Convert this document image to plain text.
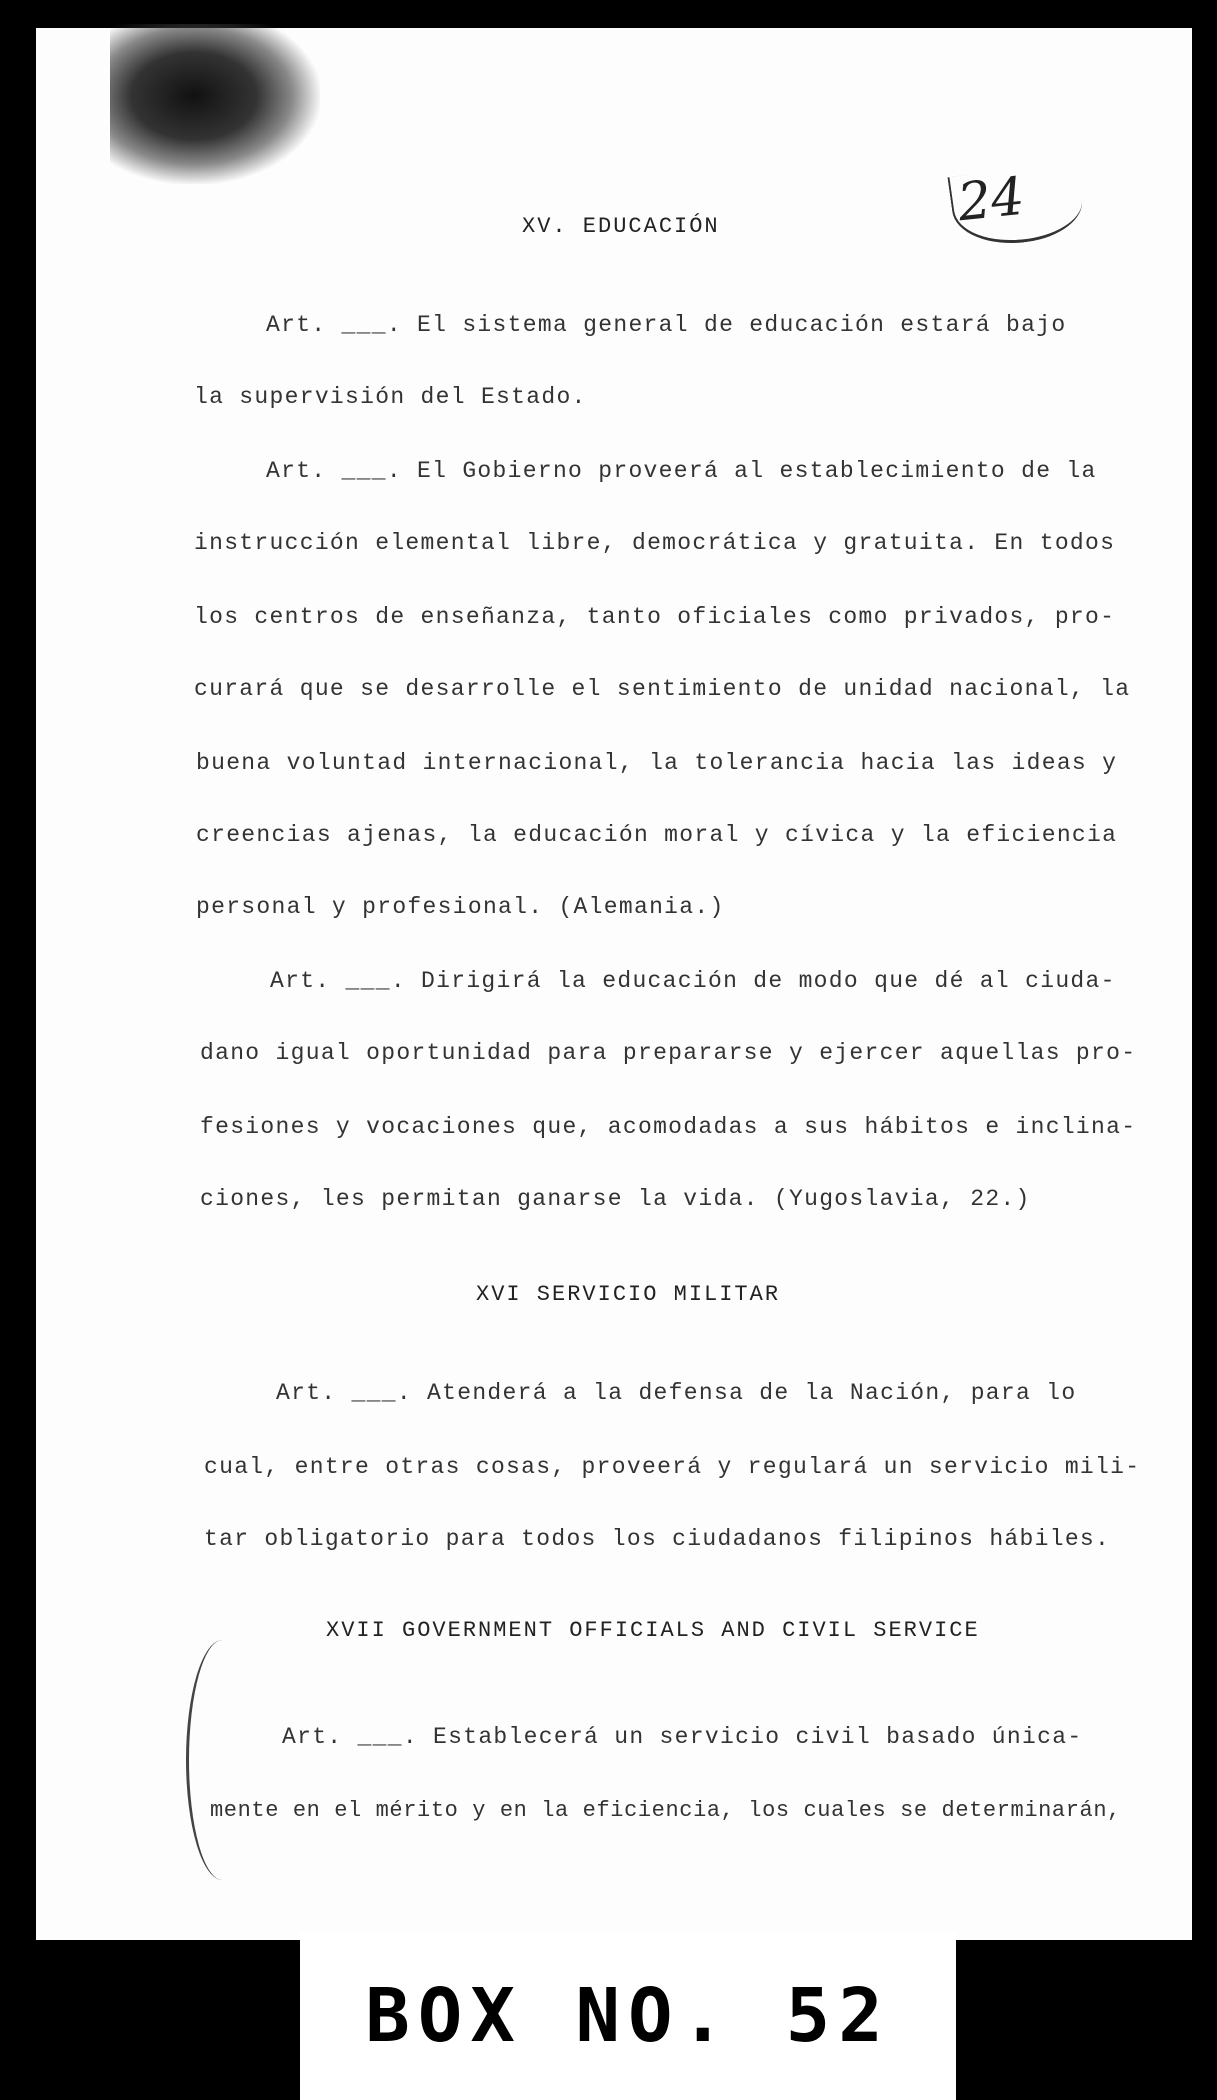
24
XV. EDUCACIÓN
Art. ___. El sistema general de educación estará bajo
la supervisión del Estado.
Art. ___. El Gobierno proveerá al establecimiento de la
instrucción elemental libre, democrática y gratuita. En todos
los centros de enseñanza, tanto oficiales como privados, pro-
curará que se desarrolle el sentimiento de unidad nacional, la
buena voluntad internacional, la tolerancia hacia las ideas y
creencias ajenas, la educación moral y cívica y la eficiencia
personal y profesional. (Alemania.)
Art. ___. Dirigirá la educación de modo que dé al ciuda-
dano igual oportunidad para prepararse y ejercer aquellas pro-
fesiones y vocaciones que, acomodadas a sus hábitos e inclina-
ciones, les permitan ganarse la vida. (Yugoslavia, 22.)
XVI SERVICIO MILITAR
Art. ___. Atenderá a la defensa de la Nación, para lo
cual, entre otras cosas, proveerá y regulará un servicio mili-
tar obligatorio para todos los ciudadanos filipinos hábiles.
XVII GOVERNMENT OFFICIALS AND CIVIL SERVICE
Art. ___. Establecerá un servicio civil basado única-
mente en el mérito y en la eficiencia, los cuales se determinarán,
BOX NO. 52
